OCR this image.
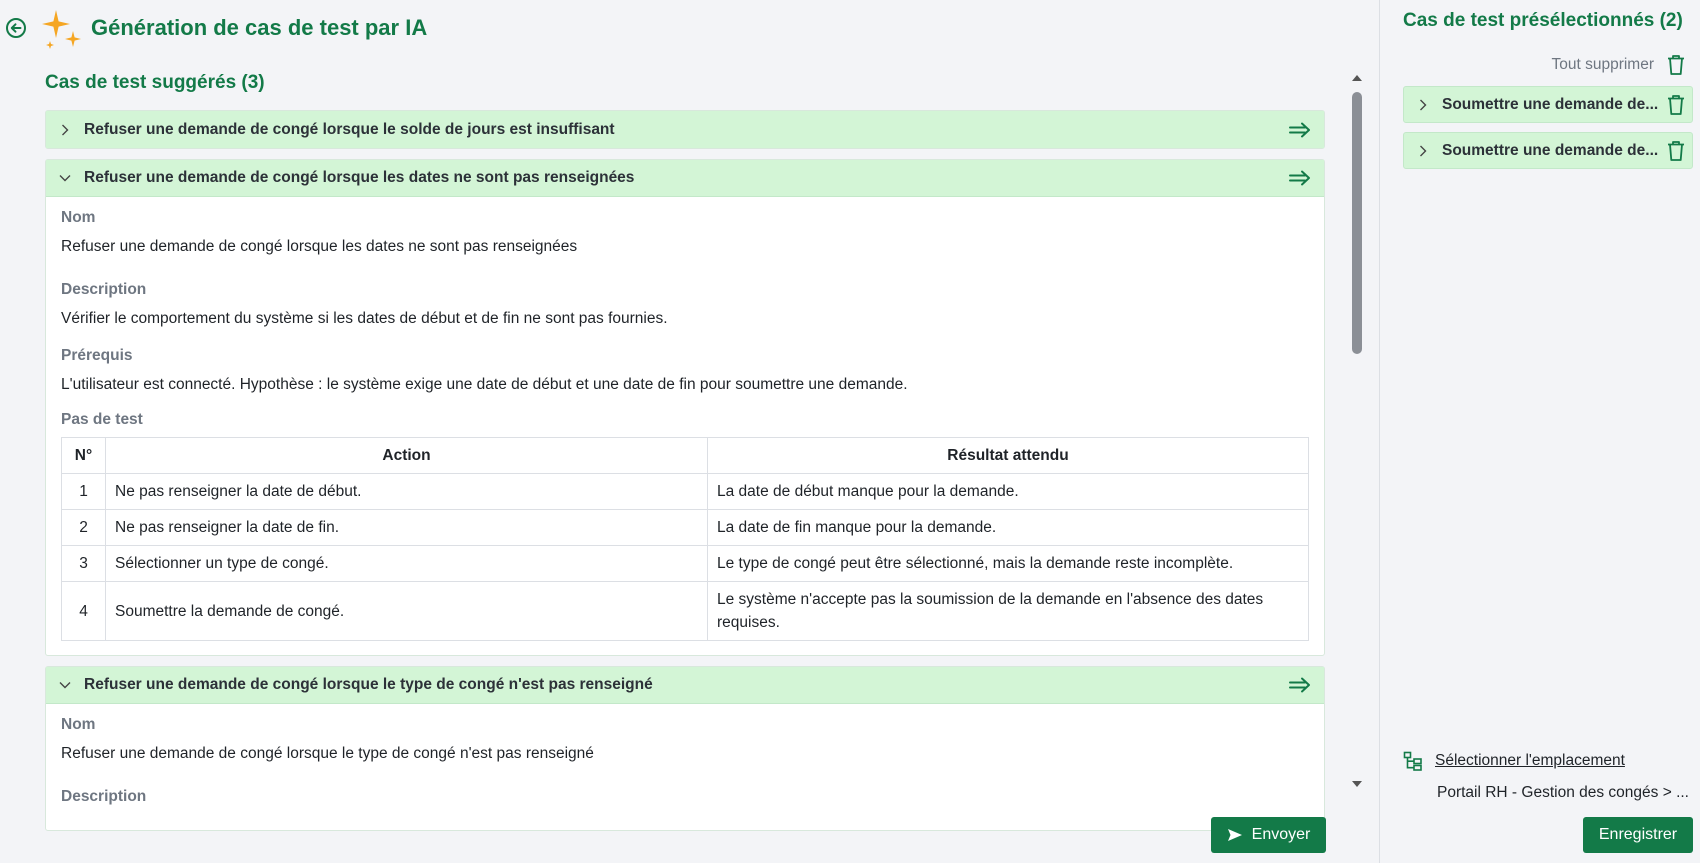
Génération de cas de test par IA
Cas de test suggérés (3)
Refuser une demande de congé lorsque le solde de jours est insuffisant
Refuser une demande de congé lorsque les dates ne sont pas renseignées
Nom
Refuser une demande de congé lorsque les dates ne sont pas renseignées
Description
Vérifier le comportement du système si les dates de début et de fin ne sont pas fournies.
Prérequis
L'utilisateur est connecté. Hypothèse : le système exige une date de début et une date de fin pour soumettre une demande.
Pas de test
N°	Action	Résultat attendu
1	Ne pas renseigner la date de début.	La date de début manque pour la demande.
2	Ne pas renseigner la date de fin.	La date de fin manque pour la demande.
3	Sélectionner un type de congé.	Le type de congé peut être sélectionné, mais la demande reste incomplète.
4	Soumettre la demande de congé.	Le système n'accepte pas la soumission de la demande en l'absence des dates requises.
Refuser une demande de congé lorsque le type de congé n'est pas renseigné
Nom
Refuser une demande de congé lorsque le type de congé n'est pas renseigné
Description
Envoyer
Cas de test présélectionnés (2)
Tout supprimer
Soumettre une demande de...
Soumettre une demande de...
Sélectionner l'emplacement
Portail RH - Gestion des congés > ...
Enregistrer
